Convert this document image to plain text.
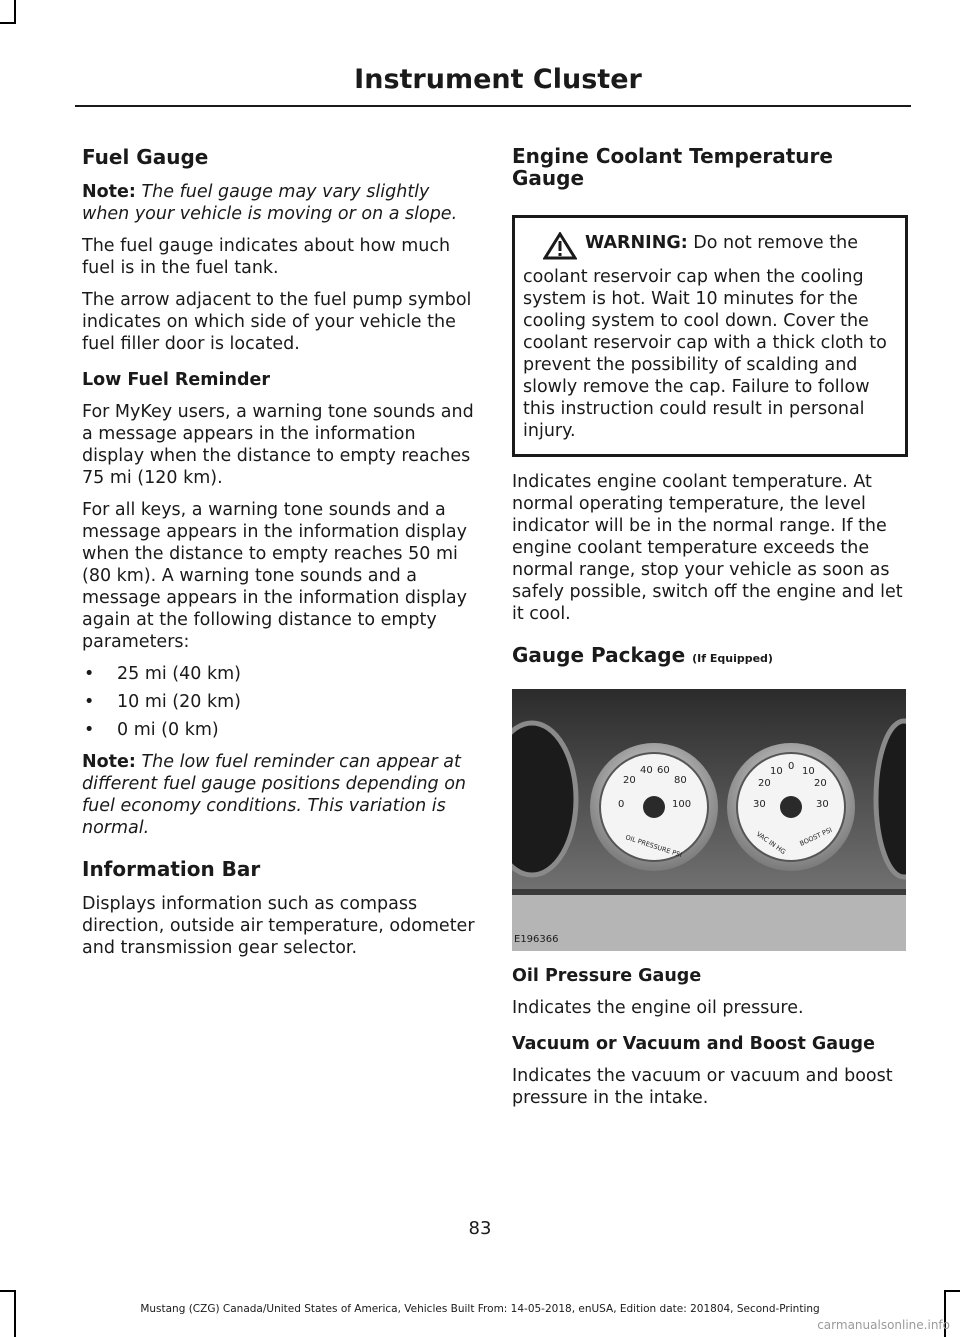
Instrument Cluster
Fuel Gauge

Note: The fuel gauge may vary slightly when your vehicle is moving or on a slope.

The fuel gauge indicates about how much fuel is in the fuel tank.

The arrow adjacent to the fuel pump symbol indicates on which side of your vehicle the fuel filler door is located.

Low Fuel Reminder

For MyKey users, a warning tone sounds and a message appears in the information display when the distance to empty reaches 75 mi (120 km).

For all keys, a warning tone sounds and a message appears in the information display when the distance to empty reaches 50 mi (80 km). A warning tone sounds and a message appears in the information display again at the following distance to empty parameters:

• 25 mi (40 km)
• 10 mi (20 km)
• 0 mi (0 km)

Note: The low fuel reminder can appear at different fuel gauge positions depending on fuel economy conditions. This variation is normal.

Information Bar

Displays information such as compass direction, outside air temperature, odometer and transmission gear selector.

Engine Coolant Temperature Gauge
WARNING: Do not remove the coolant reservoir cap when the cooling system is hot. Wait 10 minutes for the cooling system to cool down. Cover the coolant reservoir cap with a thick cloth to prevent the possibility of scalding and slowly remove the cap. Failure to follow this instruction could result in personal injury.

Indicates engine coolant temperature. At normal operating temperature, the level indicator will be in the normal range. If the engine coolant temperature exceeds the normal range, stop your vehicle as soon as safely possible, switch off the engine and let it cool.

Gauge Package (If Equipped)
0
20
40 60
80
100
OIL PRESSURE PSI
30
20
10 0 10
20
30
VAC IN HG BOOST PSI
E196366
Oil Pressure Gauge

Indicates the engine oil pressure.

Vacuum or Vacuum and Boost Gauge

Indicates the vacuum or vacuum and boost pressure in the intake.

83
Mustang (CZG) Canada/United States of America, Vehicles Built From: 14-05-2018, enUSA, Edition date: 201804, Second-Printing
carmanualsonline.info
